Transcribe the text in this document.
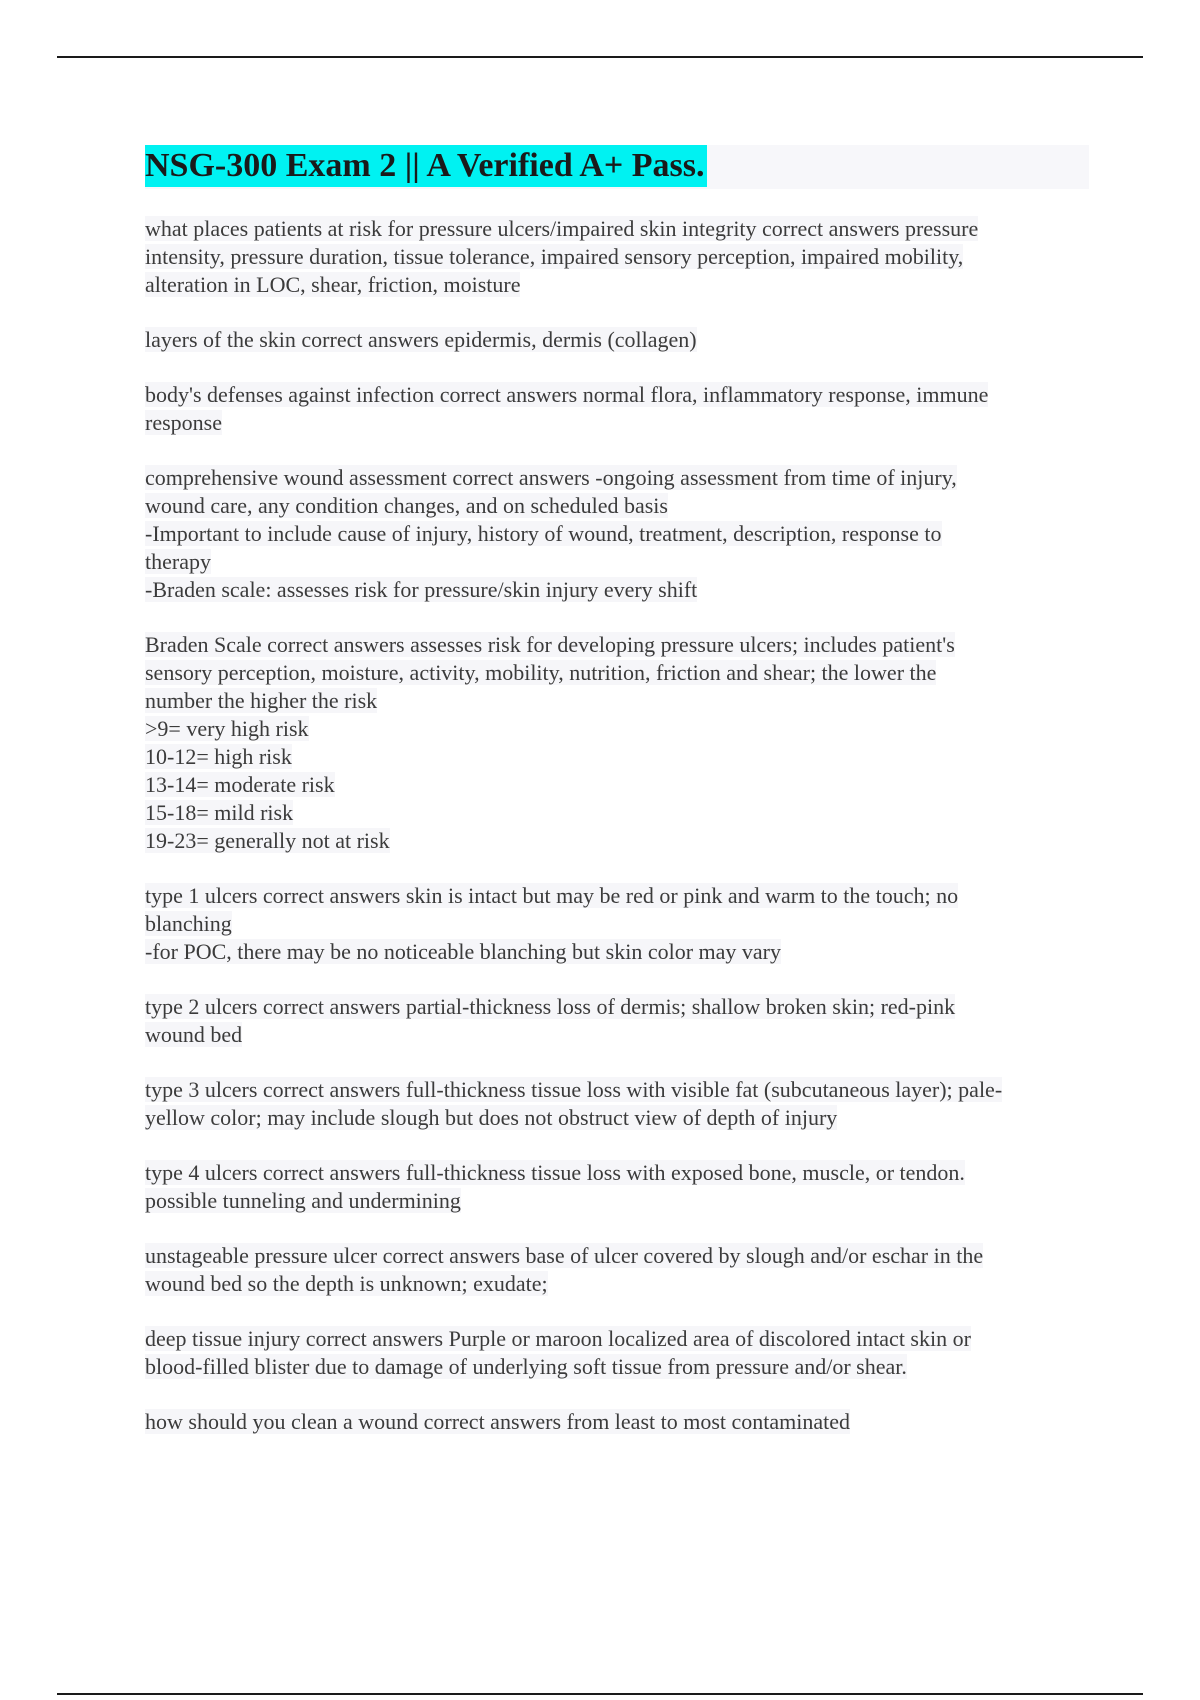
NSG-300 Exam 2 || A Verified A+ Pass.
what places patients at risk for pressure ulcers/impaired skin integrity correct answers pressure
intensity, pressure duration, tissue tolerance, impaired sensory perception, impaired mobility,
alteration in LOC, shear, friction, moisture
layers of the skin correct answers epidermis, dermis (collagen)
body's defenses against infection correct answers normal flora, inflammatory response, immune
response
comprehensive wound assessment correct answers -ongoing assessment from time of injury,
wound care, any condition changes, and on scheduled basis
-Important to include cause of injury, history of wound, treatment, description, response to
therapy
-Braden scale: assesses risk for pressure/skin injury every shift
Braden Scale correct answers assesses risk for developing pressure ulcers; includes patient's
sensory perception, moisture, activity, mobility, nutrition, friction and shear; the lower the
number the higher the risk
>9= very high risk
10-12= high risk
13-14= moderate risk
15-18= mild risk
19-23= generally not at risk
type 1 ulcers correct answers skin is intact but may be red or pink and warm to the touch; no
blanching
-for POC, there may be no noticeable blanching but skin color may vary
type 2 ulcers correct answers partial-thickness loss of dermis; shallow broken skin; red-pink
wound bed
type 3 ulcers correct answers full-thickness tissue loss with visible fat (subcutaneous layer); pale-
yellow color; may include slough but does not obstruct view of depth of injury
type 4 ulcers correct answers full-thickness tissue loss with exposed bone, muscle, or tendon.
possible tunneling and undermining
unstageable pressure ulcer correct answers base of ulcer covered by slough and/or eschar in the
wound bed so the depth is unknown; exudate;
deep tissue injury correct answers Purple or maroon localized area of discolored intact skin or
blood-filled blister due to damage of underlying soft tissue from pressure and/or shear.
how should you clean a wound correct answers from least to most contaminated
